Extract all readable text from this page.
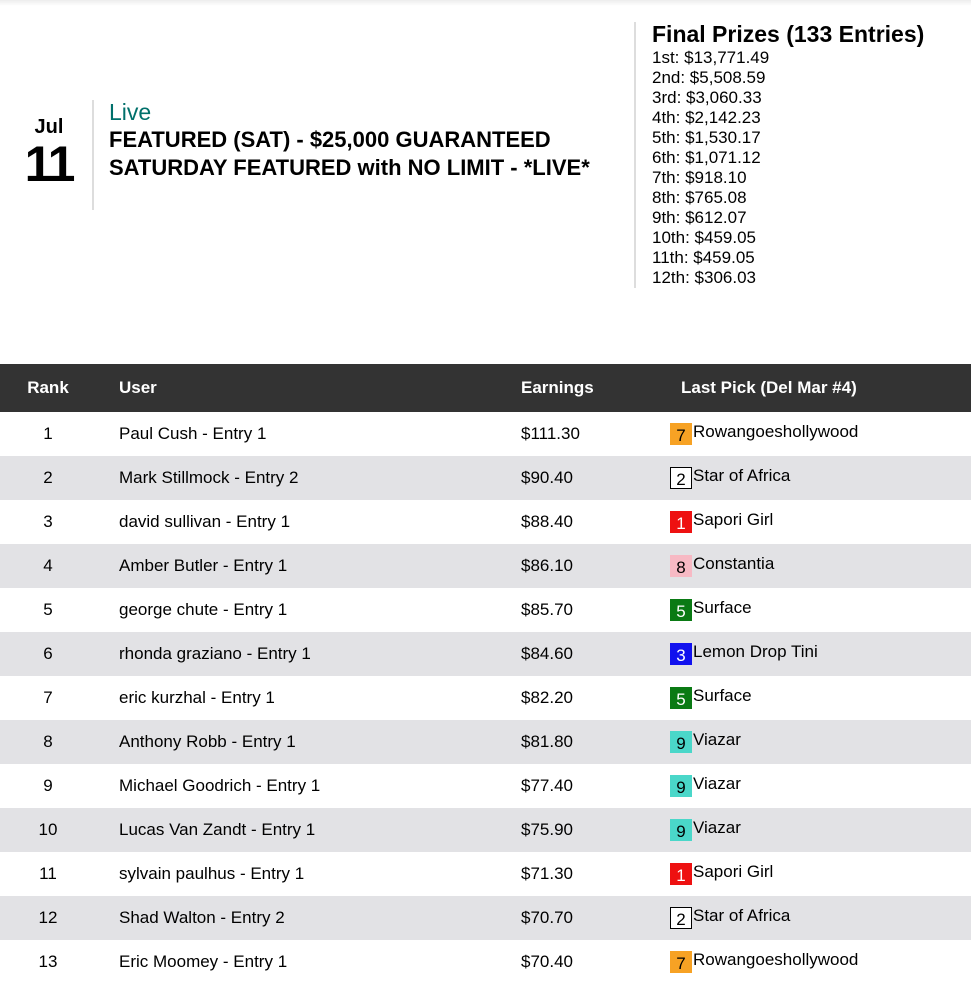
Jul
11
Live
FEATURED (SAT) - $25,000 GUARANTEED SATURDAY FEATURED with NO LIMIT - *LIVE*
Final Prizes (133 Entries)
1st: $13,771.49
2nd: $5,508.59
3rd: $3,060.33
4th: $2,142.23
5th: $1,530.17
6th: $1,071.12
7th: $918.10
8th: $765.08
9th: $612.07
10th: $459.05
11th: $459.05
12th: $306.03
Rank	User	Earnings	Last Pick (Del Mar #4)
1	Paul Cush - Entry 1	$111.30	7 Rowangoeshollywood
2	Mark Stillmock - Entry 2	$90.40	2 Star of Africa
3	david sullivan - Entry 1	$88.40	1 Sapori Girl
4	Amber Butler - Entry 1	$86.10	8 Constantia
5	george chute - Entry 1	$85.70	5 Surface
6	rhonda graziano - Entry 1	$84.60	3 Lemon Drop Tini
7	eric kurzhal - Entry 1	$82.20	5 Surface
8	Anthony Robb - Entry 1	$81.80	9 Viazar
9	Michael Goodrich - Entry 1	$77.40	9 Viazar
10	Lucas Van Zandt - Entry 1	$75.90	9 Viazar
11	sylvain paulhus - Entry 1	$71.30	1 Sapori Girl
12	Shad Walton - Entry 2	$70.70	2 Star of Africa
13	Eric Moomey - Entry 1	$70.40	7 Rowangoeshollywood
